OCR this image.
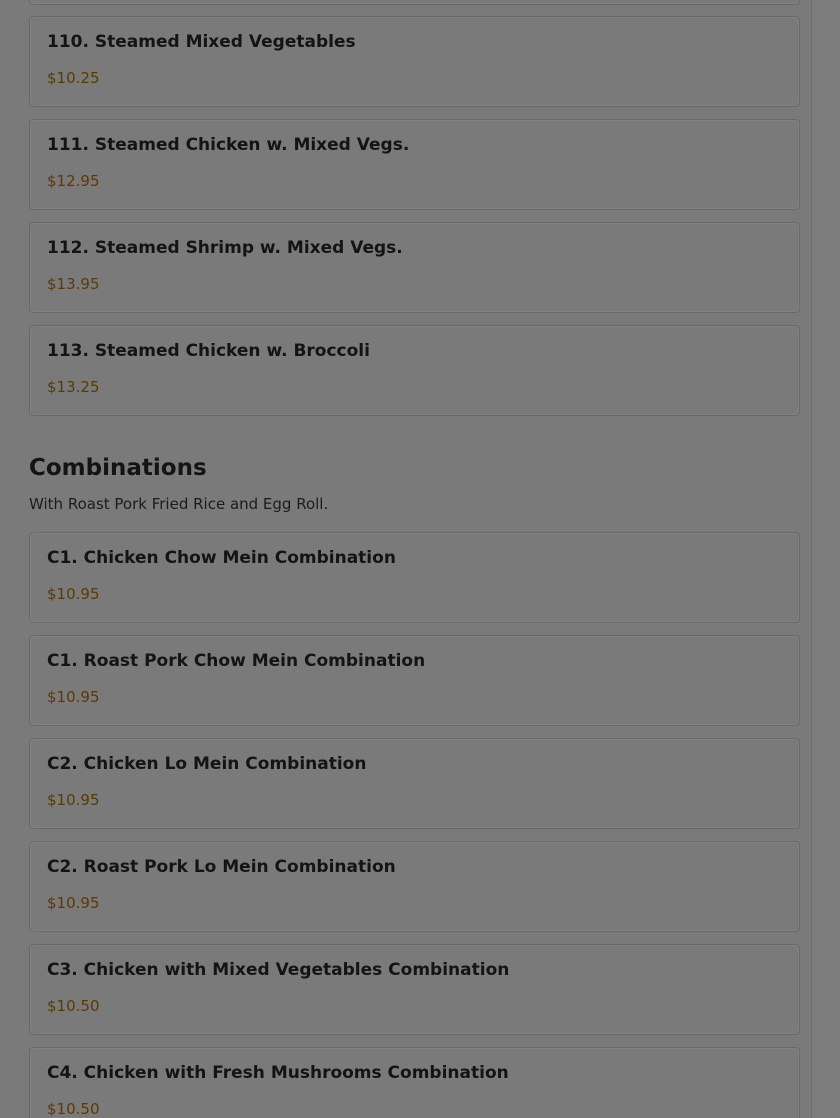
110. Steamed Mixed Vegetables
$10.25
111. Steamed Chicken w. Mixed Vegs.
$12.95
112. Steamed Shrimp w. Mixed Vegs.
$13.95
113. Steamed Chicken w. Broccoli
$13.25
Combinations
With Roast Pork Fried Rice and Egg Roll.
C1. Chicken Chow Mein Combination
$10.95
C1. Roast Pork Chow Mein Combination
$10.95
C2. Chicken Lo Mein Combination
$10.95
C2. Roast Pork Lo Mein Combination
$10.95
C3. Chicken with Mixed Vegetables Combination
$10.50
C4. Chicken with Fresh Mushrooms Combination
$10.50
